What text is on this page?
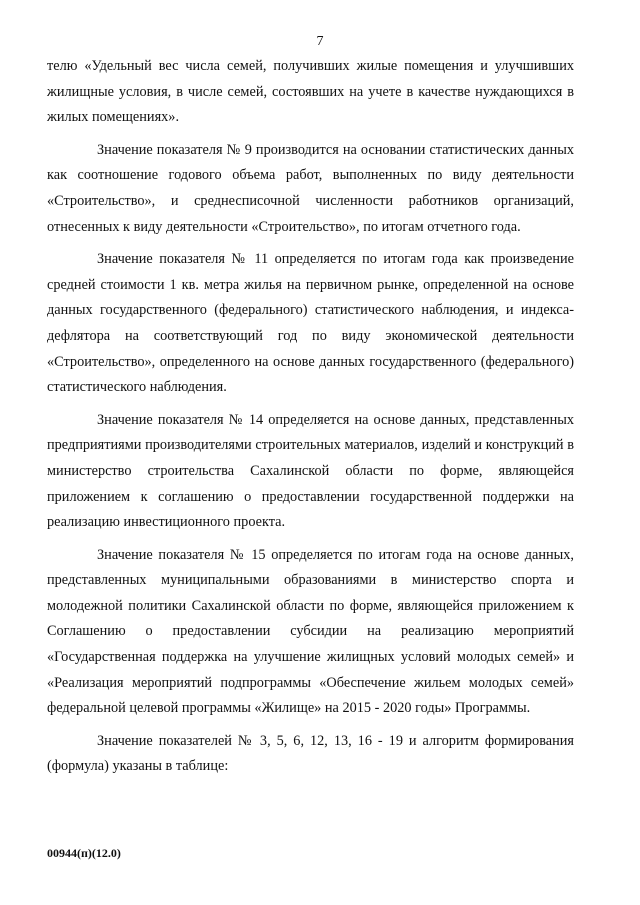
7

телю «Удельный вес числа семей, получивших жилые помещения и улучшивших жилищные условия, в числе семей, состоявших на учете в качестве нуждающихся в жилых помещениях».

Значение показателя № 9 производится на основании статистических данных как соотношение годового объема работ, выполненных по виду деятельности «Строительство», и среднесписочной численности работников организаций, отнесенных к виду деятельности «Строительство», по итогам отчетного года.

Значение показателя № 11 определяется по итогам года как произведение средней стоимости 1 кв. метра жилья на первичном рынке, определенной на основе данных государственного (федерального) статистического наблюдения, и индекса-дефлятора на соответствующий год по виду экономической деятельности «Строительство», определенного на основе данных государственного (федерального) статистического наблюдения.

Значение показателя № 14 определяется на основе данных, представленных предприятиями производителями строительных материалов, изделий и конструкций в министерство строительства Сахалинской области по форме, являющейся приложением к соглашению о предоставлении государственной поддержки на реализацию инвестиционного проекта.

Значение показателя № 15 определяется по итогам года на основе данных, представленных муниципальными образованиями в министерство спорта и молодежной политики Сахалинской области по форме, являющейся приложением к Соглашению о предоставлении субсидии на реализацию мероприятий «Государственная поддержка на улучшение жилищных условий молодых семей» и «Реализация мероприятий подпрограммы «Обеспечение жильем молодых семей» федеральной целевой программы «Жилище» на 2015 - 2020 годы» Программы.

Значение показателей № 3, 5, 6, 12, 13, 16 - 19 и алгоритм формирования (формула) указаны в таблице:

00944(п)(12.0)
